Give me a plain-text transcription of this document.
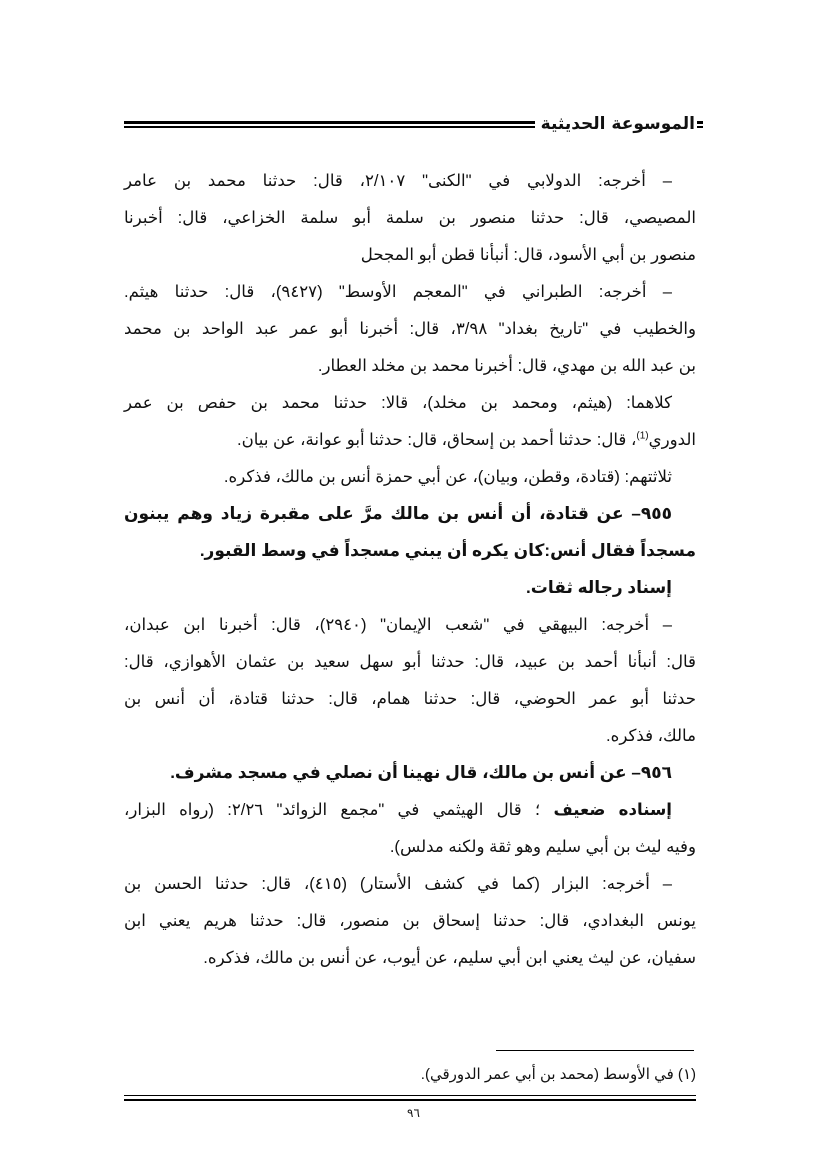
الموسوعة الحديثية
– أخرجه: الدولابي في "الكنى" ٢/١٠٧، قال: حدثنا محمد بن عامر
المصيصي، قال: حدثنا منصور بن سلمة أبو سلمة الخزاعي، قال: أخبرنا
منصور بن أبي الأسود، قال: أنبأنا قطن أبو المجحل
– أخرجه: الطبراني في "المعجم الأوسط" (٩٤٢٧)، قال: حدثنا هيثم.
والخطيب في "تاريخ بغداد" ٣/٩٨، قال: أخبرنا أبو عمر عبد الواحد بن محمد
بن عبد الله بن مهدي، قال: أخبرنا محمد بن مخلد العطار.
كلاهما: (هيثم، ومحمد بن مخلد)، قالا: حدثنا محمد بن حفص بن عمر
الدوري$^{(1)}$، قال: حدثنا أحمد بن إسحاق، قال: حدثنا أبو عوانة، عن بيان.
ثلاثتهم: (قتادة، وقطن، وبيان)، عن أبي حمزة أنس بن مالك، فذكره.
٩٥٥– عن قتادة، أن أنس بن مالك مرَّ على مقبرة زياد وهم يبنون
مسجداً فقال أنس:كان يكره أن يبني مسجداً في وسط القبور.
إسناد رجاله ثقات.
– أخرجه: البيهقي في "شعب الإيمان" (٢٩٤٠)، قال: أخبرنا ابن عبدان،
قال: أنبأنا أحمد بن عبيد، قال: حدثنا أبو سهل سعيد بن عثمان الأهوازي، قال:
حدثنا أبو عمر الحوضي، قال: حدثنا همام، قال: حدثنا قتادة، أن أنس بن
مالك، فذكره.
٩٥٦– عن أنس بن مالك، قال نهينا أن نصلي في مسجد مشرف.
إسناده ضعيف ؛ قال الهيثمي في "مجمع الزوائد" ٢/٢٦: (رواه البزار،
وفيه ليث بن أبي سليم وهو ثقة ولكنه مدلس).
– أخرجه: البزار (كما في كشف الأستار) (٤١٥)، قال: حدثنا الحسن بن
يونس البغدادي، قال: حدثنا إسحاق بن منصور، قال: حدثنا هريم يعني ابن
سفيان، عن ليث يعني ابن أبي سليم، عن أيوب، عن أنس بن مالك، فذكره.
(١) في الأوسط (محمد بن أبي عمر الدورقي).
٩٦
